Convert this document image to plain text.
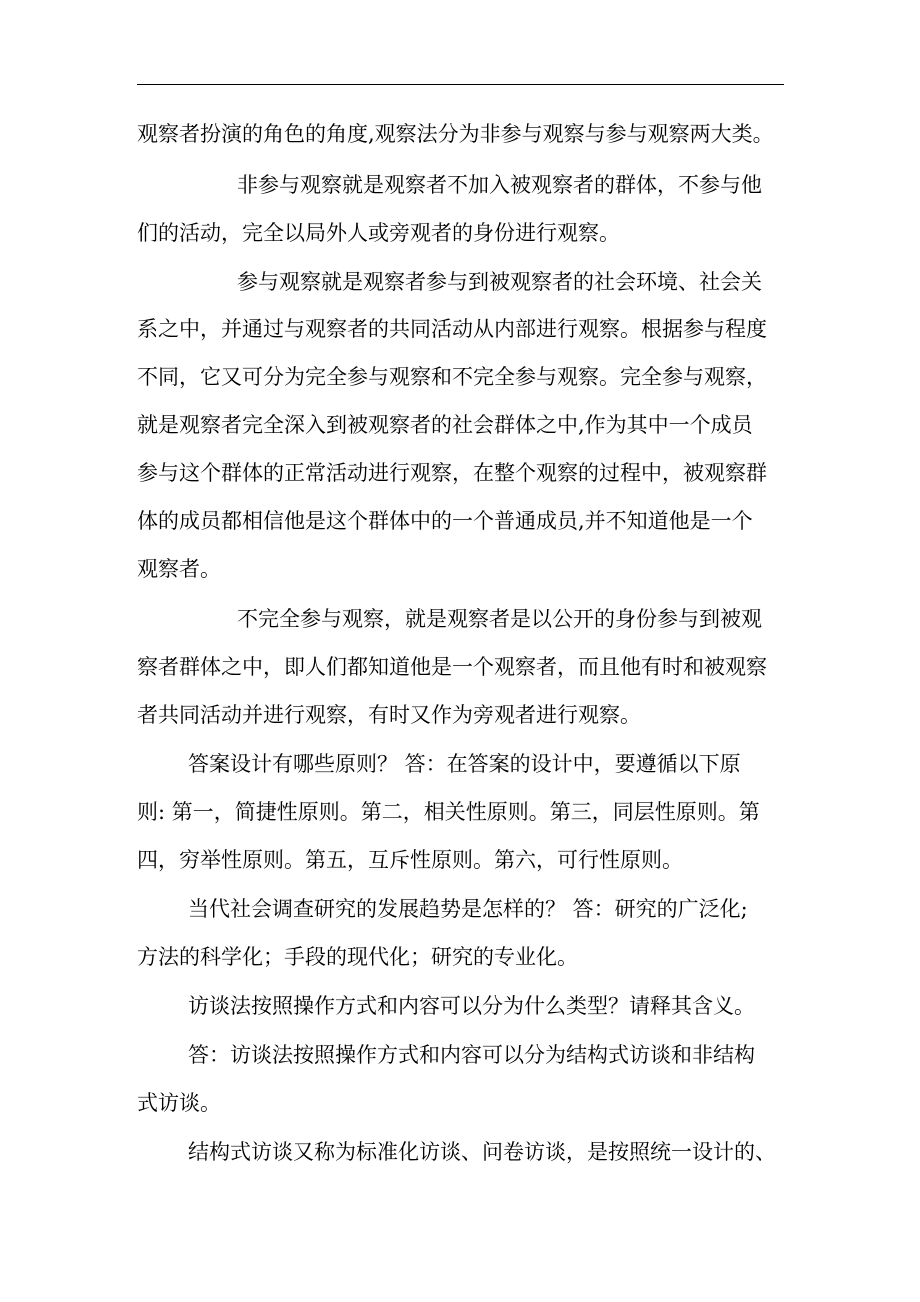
观察者扮演的角色的角度,观察法分为非参与观察与参与观察两大类。
非参与观察就是观察者不加入被观察者的群体，不参与他
们的活动，完全以局外人或旁观者的身份进行观察。
参与观察就是观察者参与到被观察者的社会环境、社会关
系之中，并通过与观察者的共同活动从内部进行观察。根据参与程度
不同，它又可分为完全参与观察和不完全参与观察。完全参与观察，
就是观察者完全深入到被观察者的社会群体之中,作为其中一个成员
参与这个群体的正常活动进行观察，在整个观察的过程中，被观察群
体的成员都相信他是这个群体中的一个普通成员,并不知道他是一个
观察者。
不完全参与观察，就是观察者是以公开的身份参与到被观
察者群体之中，即人们都知道他是一个观察者，而且他有时和被观察
者共同活动并进行观察，有时又作为旁观者进行观察。
答案设计有哪些原则？ 答：在答案的设计中，要遵循以下原
则: 第一，简捷性原则。第二，相关性原则。第三，同层性原则。第
四，穷举性原则。第五，互斥性原则。第六，可行性原则。
当代社会调查研究的发展趋势是怎样的？ 答：研究的广泛化;
方法的科学化；手段的现代化；研究的专业化。
访谈法按照操作方式和内容可以分为什么类型？请释其含义。
答：访谈法按照操作方式和内容可以分为结构式访谈和非结构
式访谈。
结构式访谈又称为标准化访谈、问卷访谈，是按照统一设计的、
